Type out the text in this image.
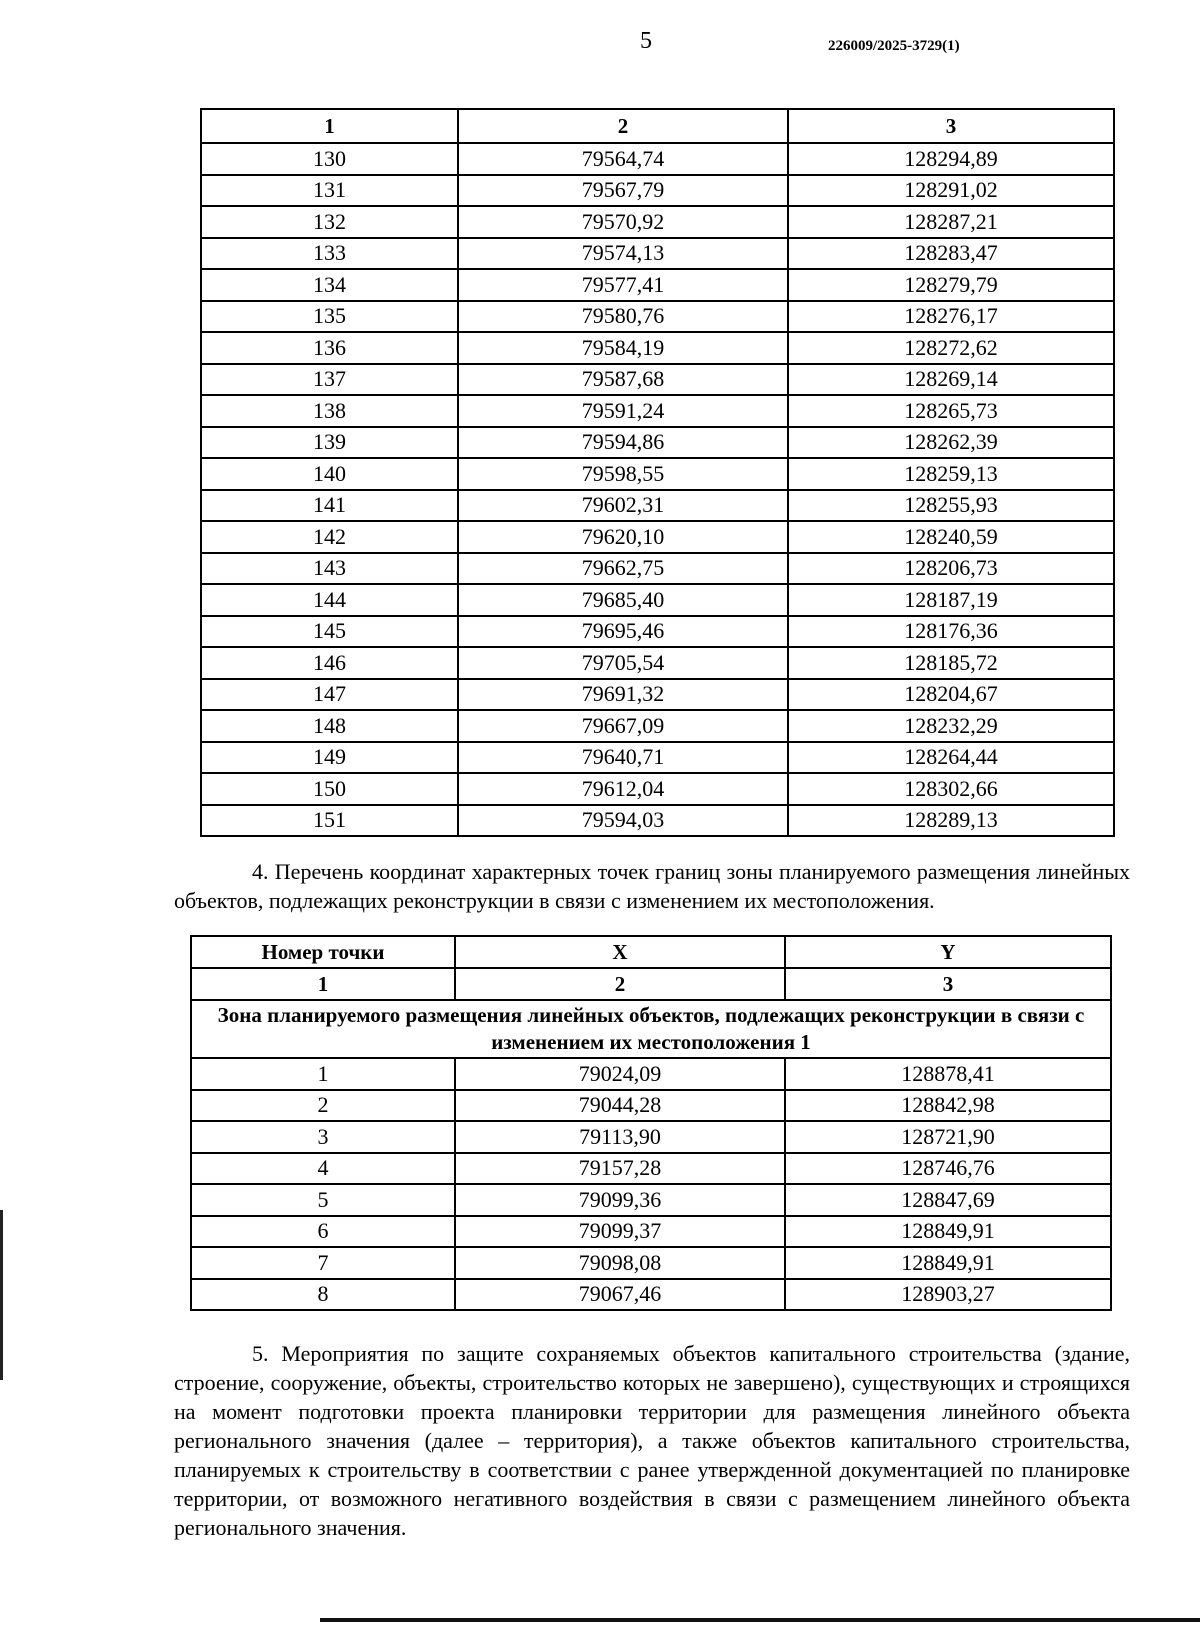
5	226009/2025-3729(1)
1	2	3
130	79564,74	128294,89
131	79567,79	128291,02
132	79570,92	128287,21
133	79574,13	128283,47
134	79577,41	128279,79
135	79580,76	128276,17
136	79584,19	128272,62
137	79587,68	128269,14
138	79591,24	128265,73
139	79594,86	128262,39
140	79598,55	128259,13
141	79602,31	128255,93
142	79620,10	128240,59
143	79662,75	128206,73
144	79685,40	128187,19
145	79695,46	128176,36
146	79705,54	128185,72
147	79691,32	128204,67
148	79667,09	128232,29
149	79640,71	128264,44
150	79612,04	128302,66
151	79594,03	128289,13
4. Перечень координат характерных точек границ зоны планируемого размещения линейных объектов, подлежащих реконструкции в связи с изменением их местоположения.
Номер точки	X	Y
1	2	3
Зона планируемого размещения линейных объектов, подлежащих реконструкции в связи с изменением их местоположения 1		
1	79024,09	128878,41
2	79044,28	128842,98
3	79113,90	128721,90
4	79157,28	128746,76
5	79099,36	128847,69
6	79099,37	128849,91
7	79098,08	128849,91
8	79067,46	128903,27
5. Мероприятия по защите сохраняемых объектов капитального строительства (здание, строение, сооружение, объекты, строительство которых не завершено), существующих и строящихся на момент подготовки проекта планировки территории для размещения линейного объекта регионального значения (далее – территория), а также объектов капитального строительства, планируемых к строительству в соответствии с ранее утвержденной документацией по планировке территории, от возможного негативного воздействия в связи с размещением линейного объекта регионального значения.
